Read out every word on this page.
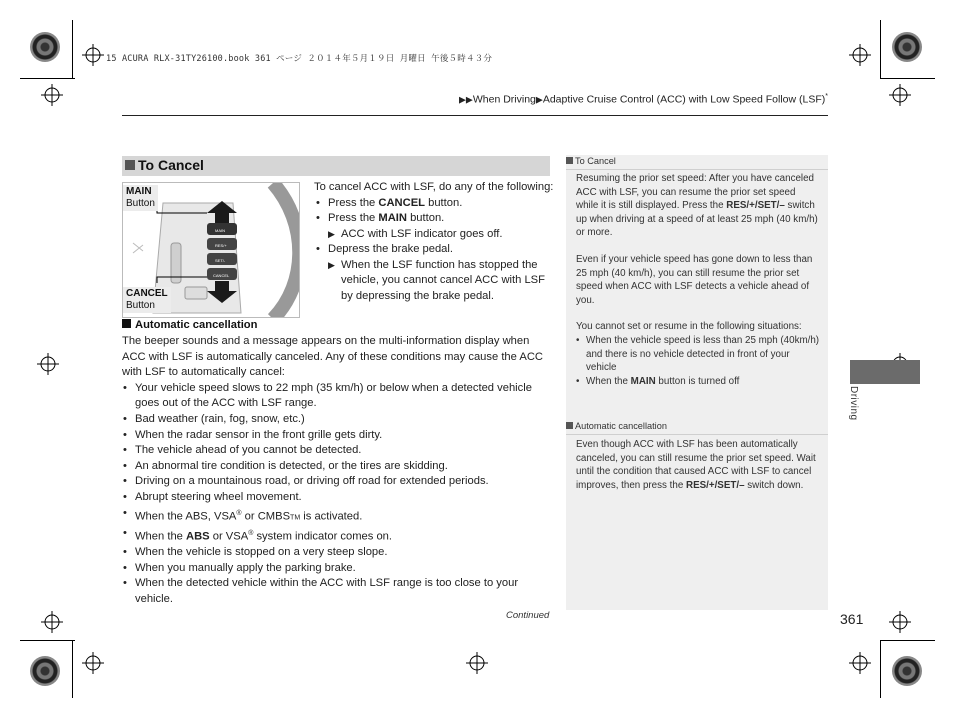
15 ACURA RLX-31TY26100.book 361 ページ ２０１４年５月１９日 月曜日 午後５時４３分
▶▶When Driving▶Adaptive Cruise Control (ACC) with Low Speed Follow (LSF)*
To Cancel
MAIN
RES/+
SET/-
CANCEL
MAIN
Button
CANCEL
Button

To cancel ACC with LSF, do any of the following:

• Press the CANCEL button.
• Press the MAIN button.
▶ ACC with LSF indicator goes off.
• Depress the brake pedal.
▶ When the LSF function has stopped the vehicle, you cannot cancel ACC with LSF by depressing the brake pedal.
Automatic cancellation

The beeper sounds and a message appears on the multi-information display when ACC with LSF is automatically canceled. Any of these conditions may cause the ACC with LSF to automatically cancel:

• Your vehicle speed slows to 22 mph (35 km/h) or below when a detected vehicle goes out of the ACC with LSF range.
• Bad weather (rain, fog, snow, etc.)
• When the radar sensor in the front grille gets dirty.
• The vehicle ahead of you cannot be detected.
• An abnormal tire condition is detected, or the tires are skidding.
• Driving on a mountainous road, or driving off road for extended periods.
• Abrupt steering wheel movement.
• When the ABS, VSA® or CMBSTM is activated.
• When the ABS or VSA® system indicator comes on.
• When the vehicle is stopped on a very steep slope.
• When you manually apply the parking brake.
• When the detected vehicle within the ACC with LSF range is too close to your vehicle.
Continued
To Cancel

Resuming the prior set speed: After you have canceled ACC with LSF, you can resume the prior set speed while it is still displayed. Press the RES/+/SET/– switch up when driving at a speed of at least 25 mph (40 km/h) or more.

Even if your vehicle speed has gone down to less than 25 mph (40 km/h), you can still resume the prior set speed when ACC with LSF detects a vehicle ahead of you.

You cannot set or resume in the following situations:

• When the vehicle speed is less than 25 mph (40km/h) and there is no vehicle detected in front of your vehicle
• When the MAIN button is turned off
Automatic cancellation

Even though ACC with LSF has been automatically canceled, you can still resume the prior set speed. Wait until the condition that caused ACC with LSF to cancel improves, then press the RES/+/SET/– switch down.

361
Driving
